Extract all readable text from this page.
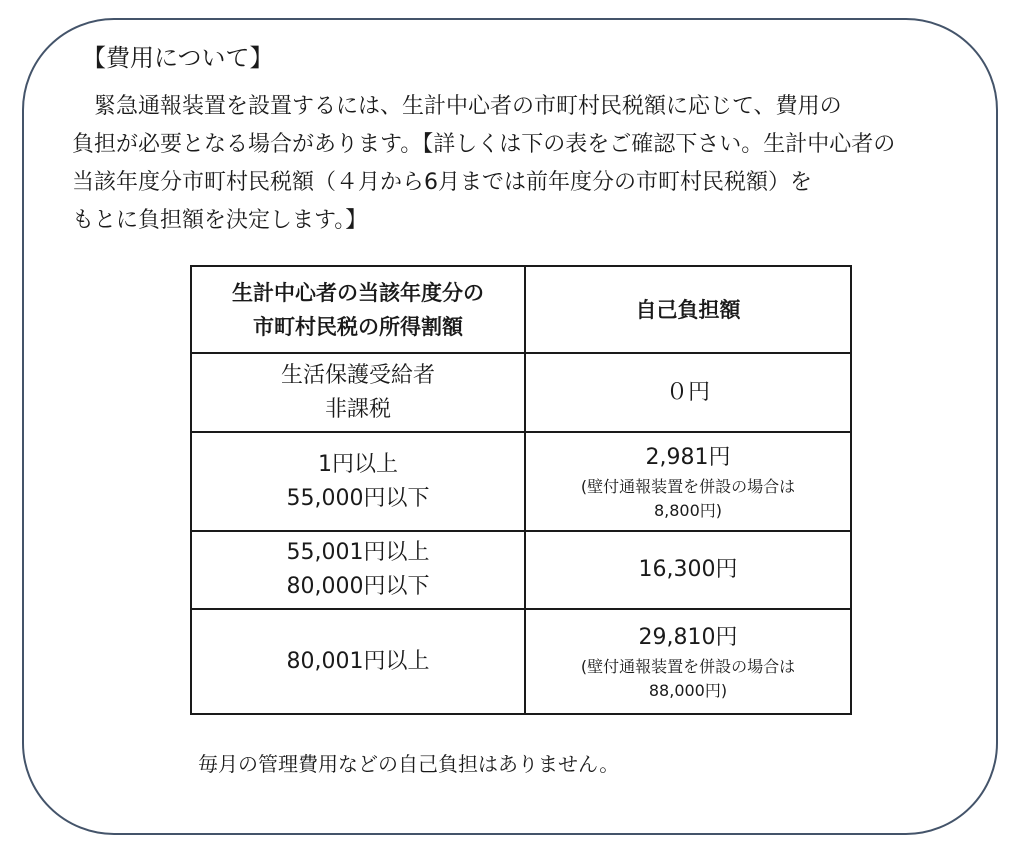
【費用について】

　緊急通報装置を設置するには、生計中心者の市町村民税額に応じて、費用の

負担が必要となる場合があります。【詳しくは下の表をご確認下さい。生計中心者の

当該年度分市町村民税額（４月から6月までは前年度分の市町村民税額）を

もとに負担額を決定します。】

生計中心者の当該年度分の
市町村民税の所得割額	自己負担額

生活保護受給者
非課税	０円

1円以上
55,000円以下	2,981円
(壁付通報装置を併設の場合は
8,800円)

55,001円以上
80,000円以下	16,300円

80,001円以上	29,810円
(壁付通報装置を併設の場合は
88,000円)
毎月の管理費用などの自己負担はありません。
